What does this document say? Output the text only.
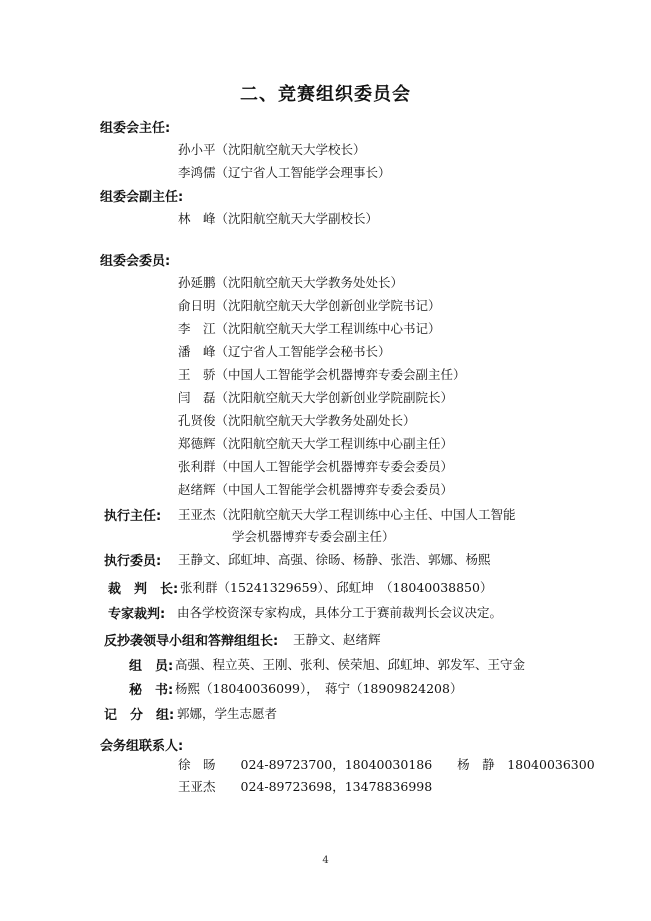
二、竞赛组织委员会
组委会主任:
孙小平（沈阳航空航天大学校长）
李鸿儒（辽宁省人工智能学会理事长）
组委会副主任:
林　峰（沈阳航空航天大学副校长）
组委会委员:
孙延鹏（沈阳航空航天大学教务处处长）
俞日明（沈阳航空航天大学创新创业学院书记）
李　江（沈阳航空航天大学工程训练中心书记）
潘　峰（辽宁省人工智能学会秘书长）
王　骄（中国人工智能学会机器博弈专委会副主任）
闫　磊（沈阳航空航天大学创新创业学院副院长）
孔贤俊（沈阳航空航天大学教务处副处长）
郑德辉（沈阳航空航天大学工程训练中心副主任）
张利群（中国人工智能学会机器博弈专委会委员）
赵绪辉（中国人工智能学会机器博弈专委会委员）
执行主任: 王亚杰（沈阳航空航天大学工程训练中心主任、中国人工智能
学会机器博弈专委会副主任）
执行委员: 王静文、邱虹坤、高强、徐旸、杨静、张浩、郭娜、杨熙
裁　判　长: 张利群（15241329659）、邱虹坤　（18040038850）
专家裁判: 由各学校资深专家构成，具体分工于赛前裁判长会议决定。
反抄袭领导小组和答辩组组长: 王静文、赵绪辉
组　员: 高强、程立英、王刚、张利、侯荣旭、邱虹坤、郭发军、王守金
秘　书: 杨熙（18040036099），　蒋宁（18909824208）
记　分　组: 郭娜，学生志愿者
会务组联系人:
徐　旸　　024-89723700，18040030186　　杨　静　18040036300
王亚杰　　024-89723698，13478836998
4
